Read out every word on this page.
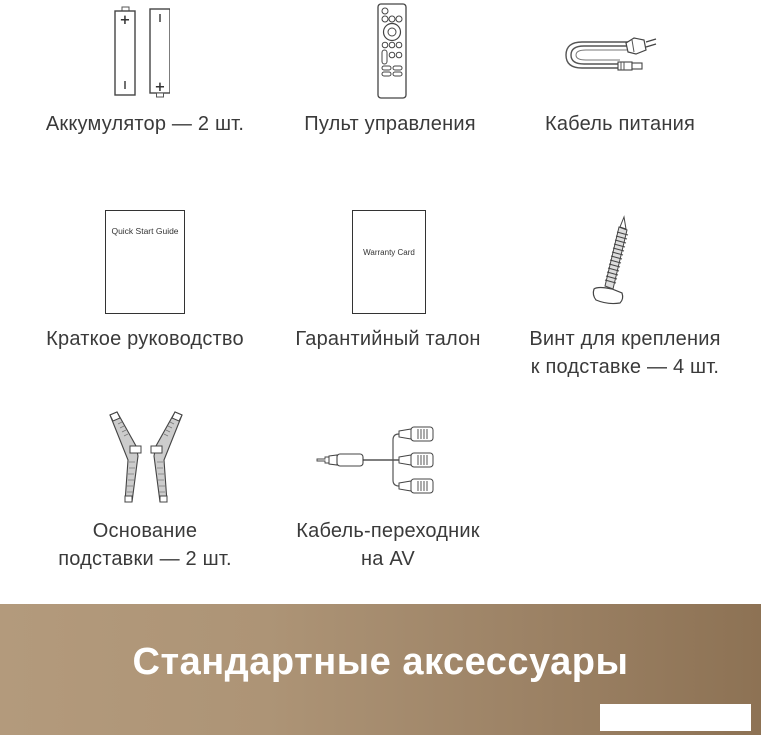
+
+
Аккумулятор — 2 шт.	Пульт управления	Кабель питания
Quick Start Guide
Краткое руководство
Warranty Card
Гарантийный талон	Винт для крепления
к подставке — 4 шт.
Основание
подставки — 2 шт.
Кабель-переходник
на AV
Стандартные аксессуары
